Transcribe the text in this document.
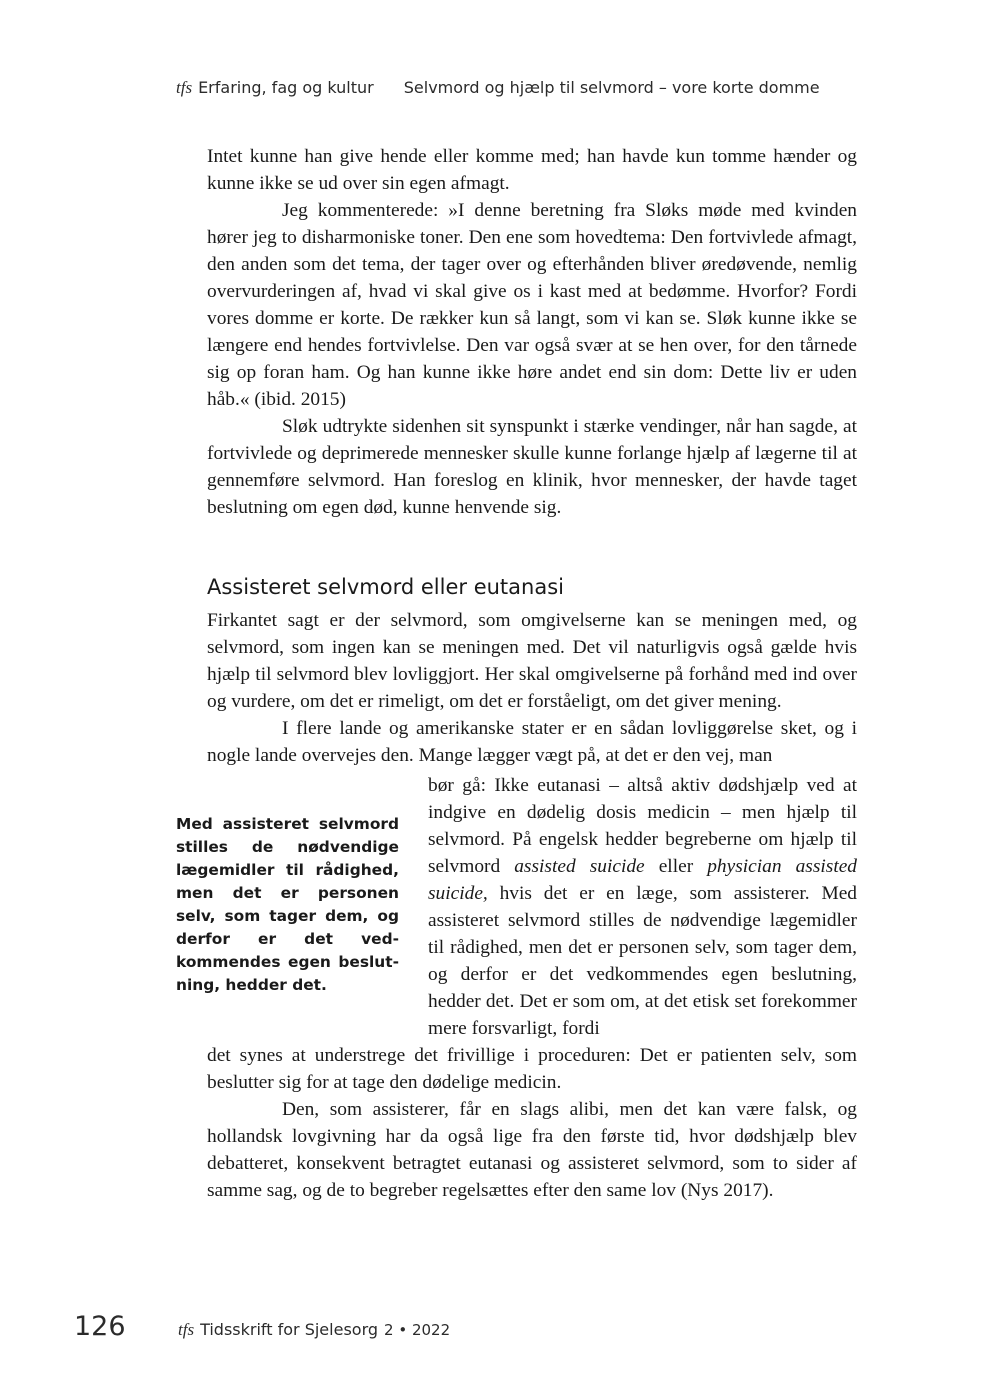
tfs Erfaring, fag og kultur Selvmord og hjælp til selvmord – vore korte domme

Intet kunne han give hende eller komme med; han havde kun tomme hænder og kunne ikke se ud over sin egen afmagt.

Jeg kommenterede: »I denne beretning fra Sløks møde med kvinden hører jeg to disharmoniske toner. Den ene som hovedtema: Den fortvivlede afmagt, den anden som det tema, der tager over og efterhånden bliver øredøvende, nemlig overvurderingen af, hvad vi skal give os i kast med at bedømme. Hvorfor? Fordi vores domme er korte. De rækker kun så langt, som vi kan se. Sløk kunne ikke se længere end hendes fortvivlelse. Den var også svær at se hen over, for den tårnede sig op foran ham. Og han kunne ikke høre andet end sin dom: Dette liv er uden håb.« (ibid. 2015)

Sløk udtrykte sidenhen sit synspunkt i stærke vendinger, når han sagde, at fortvivlede og deprimerede mennesker skulle kunne forlange hjælp af lægerne til at gennemføre selvmord. Han foreslog en klinik, hvor mennesker, der havde taget beslutning om egen død, kunne henvende sig.

Assisteret selvmord eller eutanasi

Firkantet sagt er der selvmord, som omgivelserne kan se meningen med, og selvmord, som ingen kan se meningen med. Det vil naturligvis også gælde hvis hjælp til selvmord blev lovliggjort. Her skal omgivelserne på forhånd med ind over og vurdere, om det er rimeligt, om det er forståeligt, om det giver mening.

I flere lande og amerikanske stater er en sådan lovliggørelse sket, og i nogle lande overvejes den. Mange lægger vægt på, at det er den vej, man

bør gå: Ikke eutanasi – altså aktiv dødshjælp ved at indgive en dødelig dosis medicin – men hjælp til selvmord. På engelsk hedder begreberne om hjælp til selvmord assisted suicide eller physician assisted suicide, hvis det er en læge, som assisterer. Med assisteret selvmord stilles de nødvendige lægemidler til rådighed, men det er personen selv, som tager dem, og derfor er det vedkommendes egen beslutning, hedder det. Det er som om, at det etisk set forekommer mere forsvarligt, fordi

Med assisteret selvmord stilles de nødvendige lægemidler til rådighed, men det er personen selv, som tager dem, og derfor er det vedkommendes egen beslutning, hedder det.

det synes at understrege det frivillige i proceduren: Det er patienten selv, som beslutter sig for at tage den dødelige medicin.

Den, som assisterer, får en slags alibi, men det kan være falsk, og hollandsk lovgivning har da også lige fra den første tid, hvor dødshjælp blev debatteret, konsekvent betragtet eutanasi og assisteret selvmord, som to sider af samme sag, og de to begreber regelsættes efter den same lov (Nys 2017).

126	tfs Tidsskrift for Sjelesorg 2 • 2022
